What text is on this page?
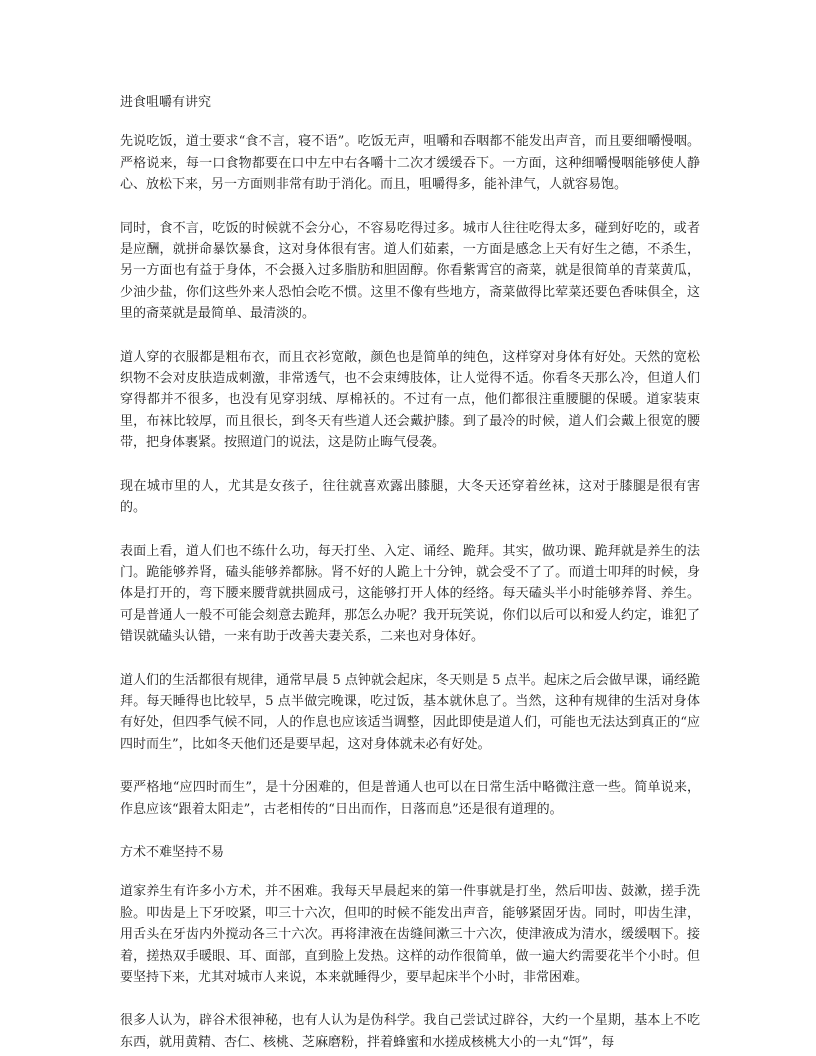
进食咀嚼有讲究

先说吃饭，道士要求“食不言，寝不语”。吃饭无声，咀嚼和吞咽都不能发出声音，而且要细嚼慢咽。严格说来，每一口食物都要在口中左中右各嚼十二次才缓缓吞下。一方面，这种细嚼慢咽能够使人静心、放松下来，另一方面则非常有助于消化。而且，咀嚼得多，能补津气，人就容易饱。

同时，食不言，吃饭的时候就不会分心，不容易吃得过多。城市人往往吃得太多，碰到好吃的，或者是应酬，就拼命暴饮暴食，这对身体很有害。道人们茹素，一方面是感念上天有好生之德，不杀生，另一方面也有益于身体，不会摄入过多脂肪和胆固醇。你看紫霄宫的斋菜，就是很简单的青菜黄瓜，少油少盐，你们这些外来人恐怕会吃不惯。这里不像有些地方，斋菜做得比荤菜还要色香味俱全，这里的斋菜就是最简单、最清淡的。

道人穿的衣服都是粗布衣，而且衣衫宽敞，颜色也是简单的纯色，这样穿对身体有好处。天然的宽松织物不会对皮肤造成刺激，非常透气，也不会束缚肢体，让人觉得不适。你看冬天那么冷，但道人们穿得都并不很多，也没有见穿羽绒、厚棉袄的。不过有一点，他们都很注重腰腿的保暖。道家装束里，布袜比较厚，而且很长，到冬天有些道人还会戴护膝。到了最冷的时候，道人们会戴上很宽的腰带，把身体裹紧。按照道门的说法，这是防止晦气侵袭。

现在城市里的人，尤其是女孩子，往往就喜欢露出膝腿，大冬天还穿着丝袜，这对于膝腿是很有害的。

表面上看，道人们也不练什么功，每天打坐、入定、诵经、跪拜。其实，做功课、跪拜就是养生的法门。跪能够养肾，磕头能够养都脉。肾不好的人跪上十分钟，就会受不了了。而道士叩拜的时候，身体是打开的，弯下腰来腰背就拱圆成弓，这能够打开人体的经络。每天磕头半小时能够养肾、养生。可是普通人一般不可能会刻意去跪拜，那怎么办呢？我开玩笑说，你们以后可以和爱人约定，谁犯了错误就磕头认错，一来有助于改善夫妻关系，二来也对身体好。

道人们的生活都很有规律，通常早晨 5 点钟就会起床，冬天则是 5 点半。起床之后会做早课，诵经跪拜。每天睡得也比较早，5 点半做完晚课，吃过饭，基本就休息了。当然，这种有规律的生活对身体有好处，但四季气候不同，人的作息也应该适当调整，因此即使是道人们，可能也无法达到真正的“应四时而生”，比如冬天他们还是要早起，这对身体就未必有好处。

要严格地“应四时而生”，是十分困难的，但是普通人也可以在日常生活中略微注意一些。简单说来，作息应该“跟着太阳走”，古老相传的“日出而作，日落而息”还是很有道理的。

方术不难坚持不易

道家养生有许多小方术，并不困难。我每天早晨起来的第一件事就是打坐，然后叩齿、鼓漱，搓手洗脸。叩齿是上下牙咬紧，叩三十六次，但叩的时候不能发出声音，能够紧固牙齿。同时，叩齿生津，用舌头在牙齿内外搅动各三十六次。再将津液在齿缝间漱三十六次，使津液成为清水，缓缓咽下。接着，搓热双手暖眼、耳、面部，直到脸上发热。这样的动作很简单，做一遍大约需要花半个小时。但要坚持下来，尤其对城市人来说，本来就睡得少，要早起床半个小时，非常困难。

很多人认为，辟谷术很神秘，也有人认为是伪科学。我自己尝试过辟谷，大约一个星期，基本上不吃东西，就用黄精、杏仁、核桃、芝麻磨粉，拌着蜂蜜和水搓成核桃大小的一丸“饵”，每
